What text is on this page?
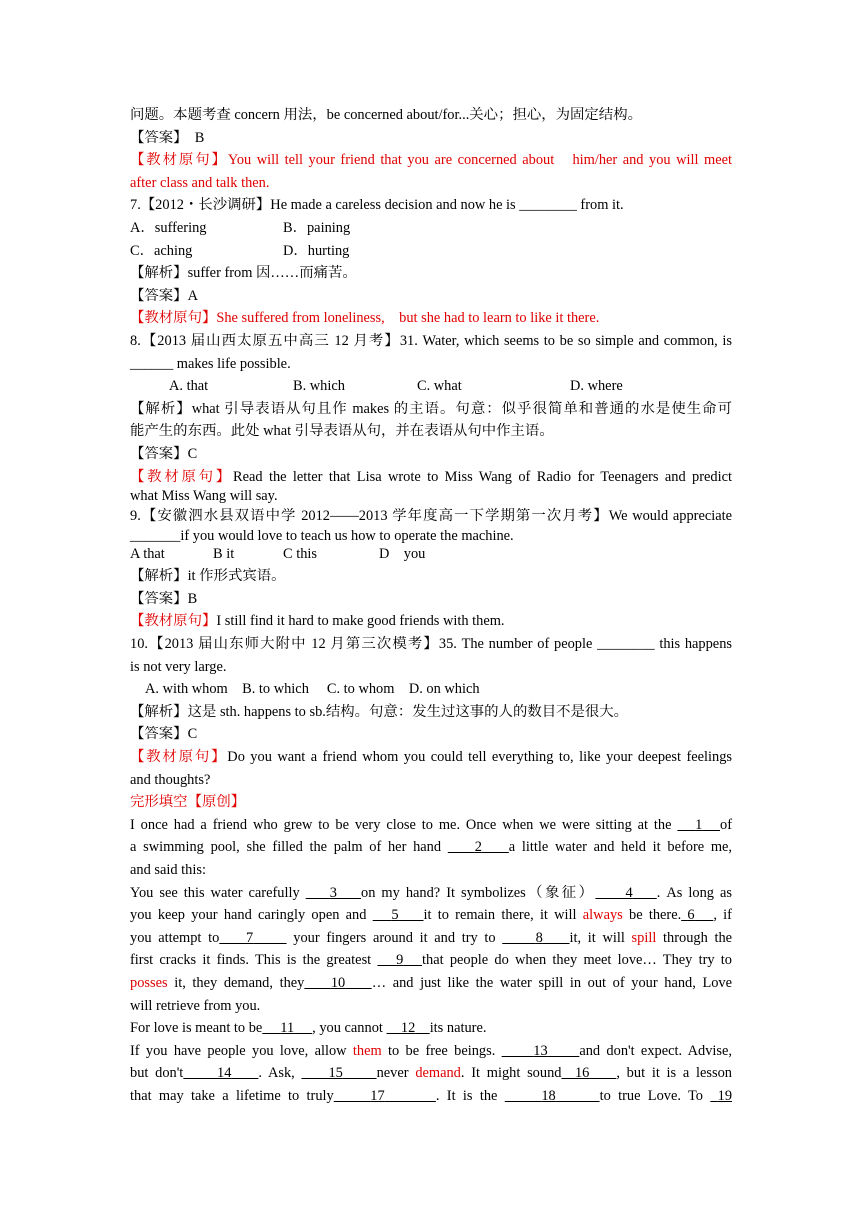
问题。本题考查 concern 用法，be concerned about/for...关心；担心，为固定结构。
【答案】　B
【教材原句】You will tell your friend that you are concerned about　him/her and you will meet
after class and talk then.
7.【2012・长沙调研】He made a careless decision and now he is ________ from it.
A．suffering	B．paining
C．aching	D．hurting
【解析】suffer from 因……而痛苦。
【答案】A
【教材原句】She suffered from loneliness,　but she had to learn to like it there.
8.【2013 届山西太原五中高三 12 月考】31. Water, which seems to be so simple and common, is
______ makes life possible.
A. that	B. which	C. what	D. where
【解析】what 引导表语从句且作 makes 的主语。句意：似乎很简单和普通的水是使生命可
能产生的东西。此处 what 引导表语从句，并在表语从句中作主语。
【答案】C
【教材原句】Read the letter that Lisa wrote to Miss Wang of Radio for Teenagers and predict
what Miss Wang will say.
9.【安徽泗水县双语中学 2012——2013 学年度高一下学期第一次月考】We would appreciate
_______if you would love to teach us how to operate the machine.
A that	B it	C this	D　you
【解析】it 作形式宾语。
【答案】B
【教材原句】I still find it hard to make good friends with them.
10.【2013 届山东师大附中 12 月第三次模考】35. The number of people ________ this happens
is not very large.
A. with whom　B. to which　 C. to whom　D. on which
【解析】这是 sth. happens to sb.结构。句意：发生过这事的人的数目不是很大。
【答案】C
【教材原句】Do you want a friend whom you could tell everything to, like your deepest feelings
and thoughts?
完形填空【原创】
I once had a friend who grew to be very close to me. Once when we were sitting at the 1 of
a swimming pool, she filled the palm of her hand 2 a little water and held it before me,
and said this:
You see this water carefully 3 on my hand? It symbolizes（象征） 4 . As long as
you keep your hand caringly open and 5 it to remain there, it will always be there. 6 , if
you attempt to 7	your fingers around it and try to	8 it, it will spill through the
first cracks it finds. This is the greatest 9 that people do when they meet love… They try to
posses it, they demand, they 10 … and just like the water spill in out of your hand, Love
will retrieve from you.
For love is meant to be 11 , you cannot 12 its nature.
If you have people you love, allow them to be free beings.	13 and don't expect. Advise,
but don't 14 . Ask, 15 never demand. It might sound 16 , but it is a lesson
that may take a lifetime to truly	17	. It is the	18	to true Love. To 19
